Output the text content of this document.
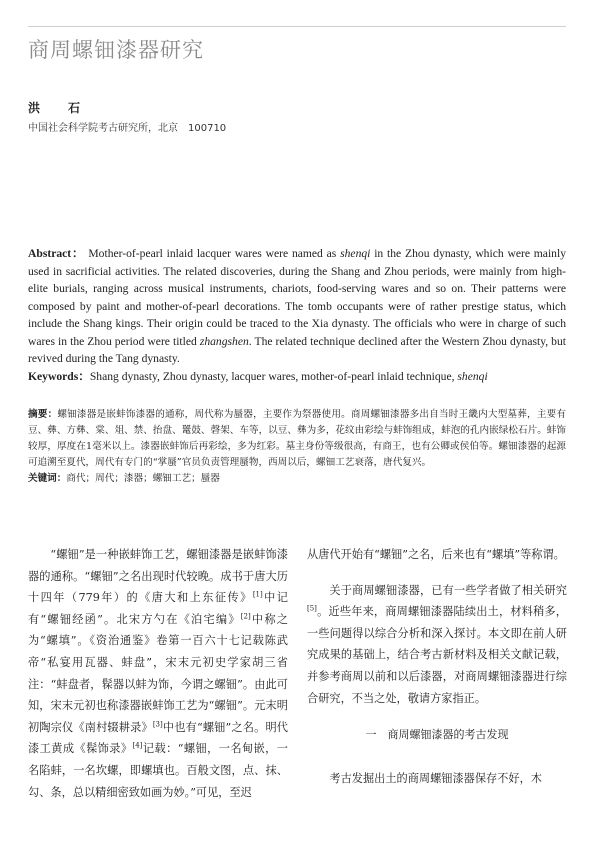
商周螺钿漆器研究
洪　石
中国社会科学院考古研究所，北京　100710
Abstract： Mother-of-pearl inlaid lacquer wares were named as shenqi in the Zhou dynasty, which were mainly used in sacrificial activities. The related discoveries, during the Shang and Zhou periods, were mainly from high-elite burials, ranging across musical instruments, chariots, food-serving wares and so on. Their patterns were composed by paint and mother-of-pearl decorations. The tomb occupants were of rather prestige status, which include the Shang kings. Their origin could be traced to the Xia dynasty. The officials who were in charge of such wares in the Zhou period were titled zhangshen. The related technique declined after the Western Zhou dynasty, but revived during the Tang dynasty.
Keywords：Shang dynasty, Zhou dynasty, lacquer wares, mother-of-pearl inlaid technique, shenqi
摘要：螺钿漆器是嵌蚌饰漆器的通称，周代称为蜃器，主要作为祭器使用。商周螺钿漆器多出自当时王畿内大型墓葬，主要有豆、彝、方彝、棠、俎、禁、抬盘、鼍鼓、磬架、车等，以豆、彝为多，花纹由彩绘与蚌饰组成，蚌泡的孔内嵌绿松石片。蚌饰较厚，厚度在1毫米以上。漆器嵌蚌饰后再彩绘，多为红彩。墓主身份等级很高，有商王，也有公卿或侯伯等。螺钿漆器的起源可追溯至夏代，周代有专门的“掌蜃”官员负责管理蜃物，西周以后，螺钿工艺衰落，唐代复兴。
关键词：商代；周代；漆器；螺钿工艺；蜃器

“螺钿”是一种嵌蚌饰工艺，螺钿漆器是嵌蚌饰漆器的通称。“螺钿”之名出现时代较晚。成书于唐大历十四年（779年）的《唐大和上东征传》[1]中记有“螺钿经函”。北宋方勺在《泊宅编》[2]中称之为“螺填”。《资治通鉴》卷第一百六十七记载陈武帝“私宴用瓦器、蚌盘”，宋末元初史学家胡三省注：“蚌盘者，髹器以蚌为饰，今谓之螺钿”。由此可知，宋末元初也称漆器嵌蚌饰工艺为“螺钿”。元末明初陶宗仪《南村辍耕录》[3]中也有“螺钿”之名。明代漆工黄成《髹饰录》[4]记载：“螺钿，一名甸嵌，一名陷蚌，一名坎螺，即螺填也。百般文图，点、抹、勾、条，总以精细密致如画为妙。”可见，至迟

从唐代开始有“螺钿”之名，后来也有“螺填”等称谓。

关于商周螺钿漆器，已有一些学者做了相关研究[5]。近些年来，商周螺钿漆器陆续出土，材料稍多，一些问题得以综合分析和深入探讨。本文即在前人研究成果的基础上，结合考古新材料及相关文献记载，并参考商周以前和以后漆器，对商周螺钿漆器进行综合研究，不当之处，敬请方家指正。

一　商周螺钿漆器的考古发现

考古发掘出土的商周螺钿漆器保存不好，木
